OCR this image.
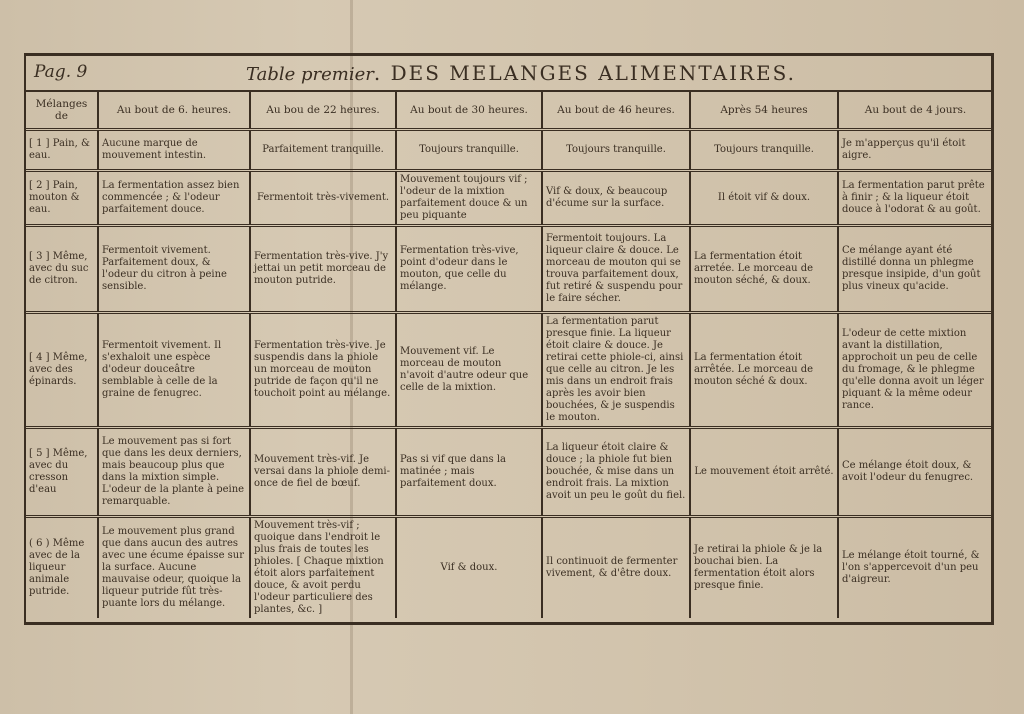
Pag. 9	Table premier. DES MELANGES ALIMENTAIRES.
Mélanges de	Au bout de 6. heures.	Au bou de 22 heures.	Au bout de 30 heures.	Au bout de 46 heures.	Après 54 heures	Au bout de 4 jours.
[ 1 ] Pain, & eau.	Aucune marque de mouvement intestin.	Parfaitement tranquille.	Toujours tranquille.	Toujours tranquille.	Toujours tranquille.	Je m'apperçus qu'il étoit aigre.
[ 2 ] Pain, mouton & eau.	La fermentation assez bien commencée ; & l'odeur parfaitement douce.	Fermentoit très-vivement.	Mouvement toujours vif ; l'odeur de la mixtion parfaitement douce & un peu piquante	Vif & doux, & beaucoup d'écume sur la surface.	Il étoit vif & doux.	La fermentation parut prête à finir ; & la liqueur étoit douce à l'odorat & au goût.
[ 3 ] Même, avec du suc de citron.	Fermentoit vivement. Parfaitement doux, & l'odeur du citron à peine sensible.	Fermentation très-vive. J'y jettai un petit morceau de mouton putride.	Fermentation très-vive, point d'odeur dans le mouton, que celle du mélange.	Fermentoit toujours. La liqueur claire & douce. Le morceau de mouton qui se trouva parfaitement doux, fut retiré & suspendu pour le faire sécher.	La fermentation étoit arretée. Le morceau de mouton séché, & doux.	Ce mélange ayant été distillé donna un phlegme presque insipide, d'un goût plus vineux qu'acide.
[ 4 ] Même, avec des épinards.	Fermentoit vivement. Il s'exhaloit une espèce d'odeur douceâtre semblable à celle de la graine de fenugrec.	Fermentation très-vive. Je suspendis dans la phiole un morceau de mouton putride de façon qu'il ne touchoit point au mélange.	Mouvement vif. Le morceau de mouton n'avoit d'autre odeur que celle de la mixtion.	La fermentation parut presque finie. La liqueur étoit claire & douce. Je retirai cette phiole-ci, ainsi que celle au citron. Je les mis dans un endroit frais après les avoir bien bouchées, & je suspendis le mouton.	La fermentation étoit arrêtée. Le morceau de mouton séché & doux.	L'odeur de cette mixtion avant la distillation, approchoit un peu de celle du fromage, & le phlegme qu'elle donna avoit un léger piquant & la même odeur rance.
[ 5 ] Même, avec du cresson d'eau	Le mouvement pas si fort que dans les deux derniers, mais beaucoup plus que dans la mixtion simple. L'odeur de la plante à peine remarquable.	Mouvement très-vif. Je versai dans la phiole demi-once de fiel de bœuf.	Pas si vif que dans la matinée ; mais parfaitement doux.	La liqueur étoit claire & douce ; la phiole fut bien bouchée, & mise dans un endroit frais. La mixtion avoit un peu le goût du fiel.	Le mouvement étoit arrêté.	Ce mélange étoit doux, & avoit l'odeur du fenugrec.
( 6 ) Même avec de la liqueur animale putride.	Le mouvement plus grand que dans aucun des autres avec une écume épaisse sur la surface. Aucune mauvaise odeur, quoique la liqueur putride fût très-puante lors du mélange.	Mouvement très-vif ; quoique dans l'endroit le plus frais de toutes les phioles. [ Chaque mixtion étoit alors parfaitement douce, & avoit perdu l'odeur particuliere des plantes, &c. ]	Vif & doux.	Il continuoit de fermenter vivement, & d'être doux.	Je retirai la phiole & je la bouchai bien. La fermentation étoit alors presque finie.	Le mélange étoit tourné, & l'on s'appercevoit d'un peu d'aigreur.
